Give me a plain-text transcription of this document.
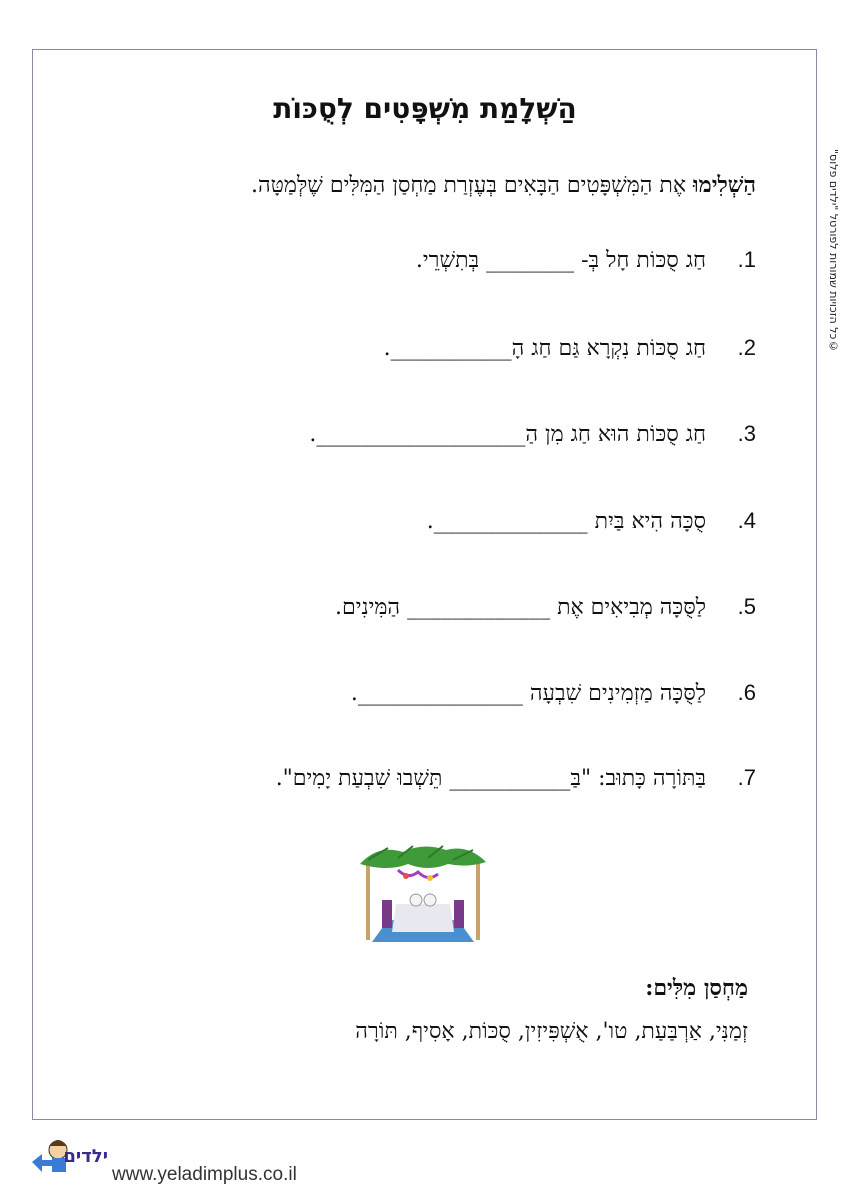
©כל הזכויות שמורות לפורטל "ילדים פלוס"
הַשְׁלָמַת מִשְׁפָּטִים לְסֻכּוֹת
הַשְׁלִימוּ אֶת הַמִּשְׁפָּטִים הַבָּאִים בְּעֶזְרַת מַחְסַן הַמִּלִּים שֶׁלְּמַטָּה.
1.
חַג סֻכּוֹת חָל בְּ- ________ בְּתִשְׁרֵי.
2.
חַג סֻכּוֹת נִקְרָא גַּם חַג הָ___________.
3.
חַג סֻכּוֹת הוּא חַג מִן הַ___________________.
4.
סֻכָּה הִיא בַּיִת ______________.
5.
לַסֻּכָּה מְבִיאִים אֶת _____________ הַמִּינִים.
6.
לַסֻּכָּה מַזְמִינִים שִׁבְעָה _______________.
7.
בַּתּוֹרָה כָּתוּב: "בַּ___________ תֵּשְׁבוּ שִׁבְעַת יָמִים".
מַחְסַן מִלִּים:
זְמַנִּי, אַרְבַּעַת, טו', אֻשְׁפִּיזִין, סֻכּוֹת, אָסִיף, תּוֹרָה
ילדים
www.yeladimplus.co.il
